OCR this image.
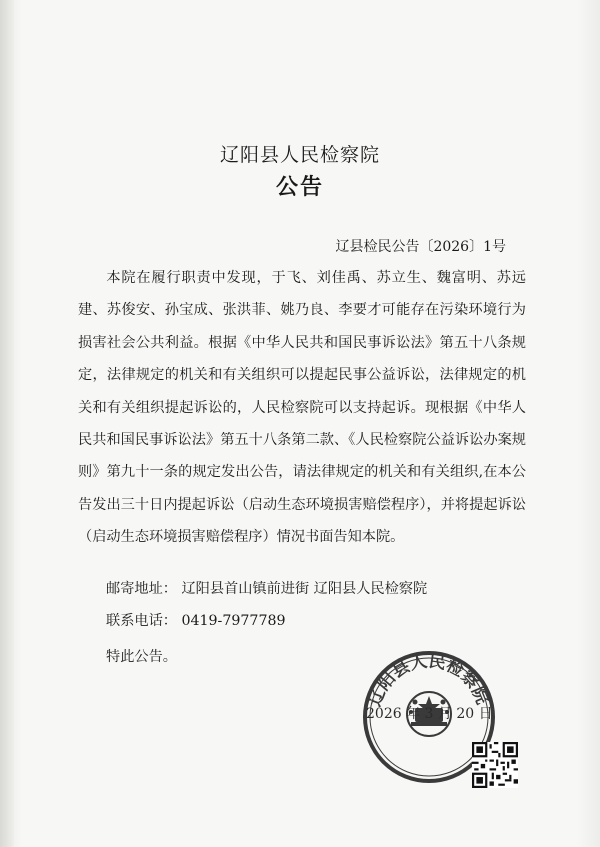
辽阳县人民检察院
公告
辽县检民公告〔2026〕1号
本院在履行职责中发现，于飞、刘佳禹、苏立生、魏富明、苏远建、苏俊安、孙宝成、张洪菲、姚乃良、李要才可能存在污染环境行为损害社会公共利益。根据《中华人民共和国民事诉讼法》第五十八条规定，法律规定的机关和有关组织可以提起民事公益诉讼，法律规定的机关和有关组织提起诉讼的，人民检察院可以支持起诉。现根据《中华人民共和国民事诉讼法》第五十八条第二款、《人民检察院公益诉讼办案规则》第九十一条的规定发出公告，请法律规定的机关和有关组织,在本公告发出三十日内提起诉讼（启动生态环境损害赔偿程序），并将提起诉讼（启动生态环境损害赔偿程序）情况书面告知本院。
邮寄地址： 辽阳县首山镇前进街 辽阳县人民检察院
联系电话： 0419-7977789
特此公告。
辽阳县人民检察院
2026 年 3 月 20 日
